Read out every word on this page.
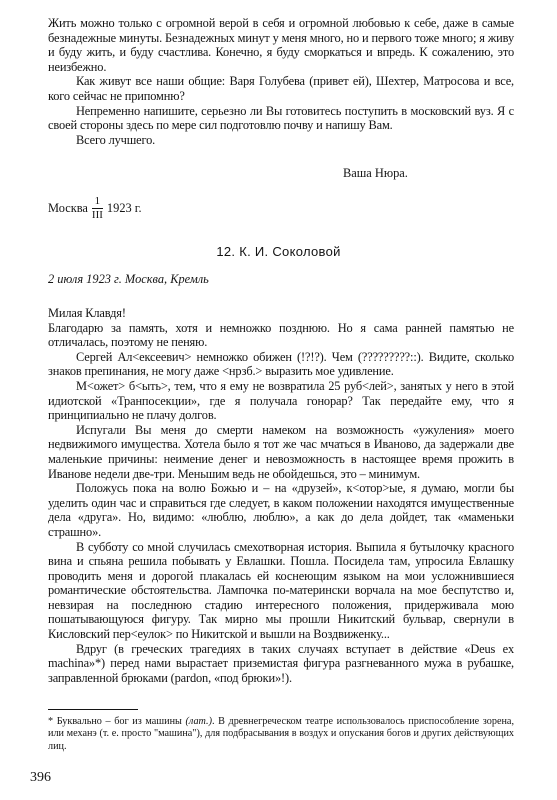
Жить можно только с огромной верой в себя и огромной любовью к себе, даже в самые безнадежные минуты. Безнадежных минут у меня много, но и первого тоже много; я живу и буду жить, и буду счастлива. Конечно, я буду сморкаться и впредь. К сожалению, это неизбежно.

Как живут все наши общие: Варя Голубева (привет ей), Шехтер, Матросова и все, кого сейчас не припомню?

Непременно напишите, серьезно ли Вы готовитесь поступить в московский вуз. Я с своей стороны здесь по мере сил подготовлю почву и напишу Вам.

Всего лучшего.

Ваша Нюра.
Москва $\frac{1}{\text{III}} 1923$ г.
12. К. И. Соколовой
2 июля 1923 г. Москва, Кремль

Милая Клавдя!

Благодарю за память, хотя и немножко позднюю. Но я сама ранней памятью не отличалась, поэтому не пеняю.

Сергей Ал<ексеевич> немножко обижен (!?!?). Чем (?????????::). Видите, сколько знаков препинания, не могу даже <нрзб.> выразить мое удивление.

М<ожет> б<ыть>, тем, что я ему не возвратила 25 руб<лей>, занятых у него в этой идиотской «Транпосекции», где я получала гонорар? Так передайте ему, что я принципиально не плачу долгов.

Испугали Вы меня до смерти намеком на возможность «ужуления» моего недвижимого имущества. Хотела было я тот же час мчаться в Иваново, да задержали две маленькие причины: неимение денег и невозможность в настоящее время прожить в Иванове недели две-три. Меньшим ведь не обойдешься, это – минимум.

Положусь пока на волю Божью и – на «друзей», к<отор>ые, я думаю, могли бы уделить один час и справиться где следует, в каком положении находятся имущественные дела «друга». Но, видимо: «люблю, люблю», а как до дела дойдет, так «маменьки страшно».

В субботу со мной случилась смехотворная история. Выпила я бутылочку красного вина и спьяна решила побывать у Евлашки. Пошла. Посидела там, упросила Евлашку проводить меня и дорогой плакалась ей коснеющим языком на мои усложнившиеся романтические обстоятельства. Лампочка по-матерински ворчала на мое беспутство и, невзирая на последнюю стадию интересного положения, придерживала мою пошатывающуюся фигуру. Так мирно мы прошли Никитский бульвар, свернули в Кисловский пер<еулок> по Никитской и вышли на Воздвиженку...

Вдруг (в греческих трагедиях в таких случаях вступает в действие «Deus ex machina»*) перед нами вырастает приземистая фигура разгневанного мужа в рубашке, заправленной брюками (pardon, «под брюки»!).

* Буквально – бог из машины (лат.). В древнегреческом театре использовалось приспособление зорена, или механэ (т. е. просто "машина"), для подбрасывания в воздух и опускания богов и других действующих лиц.
396
